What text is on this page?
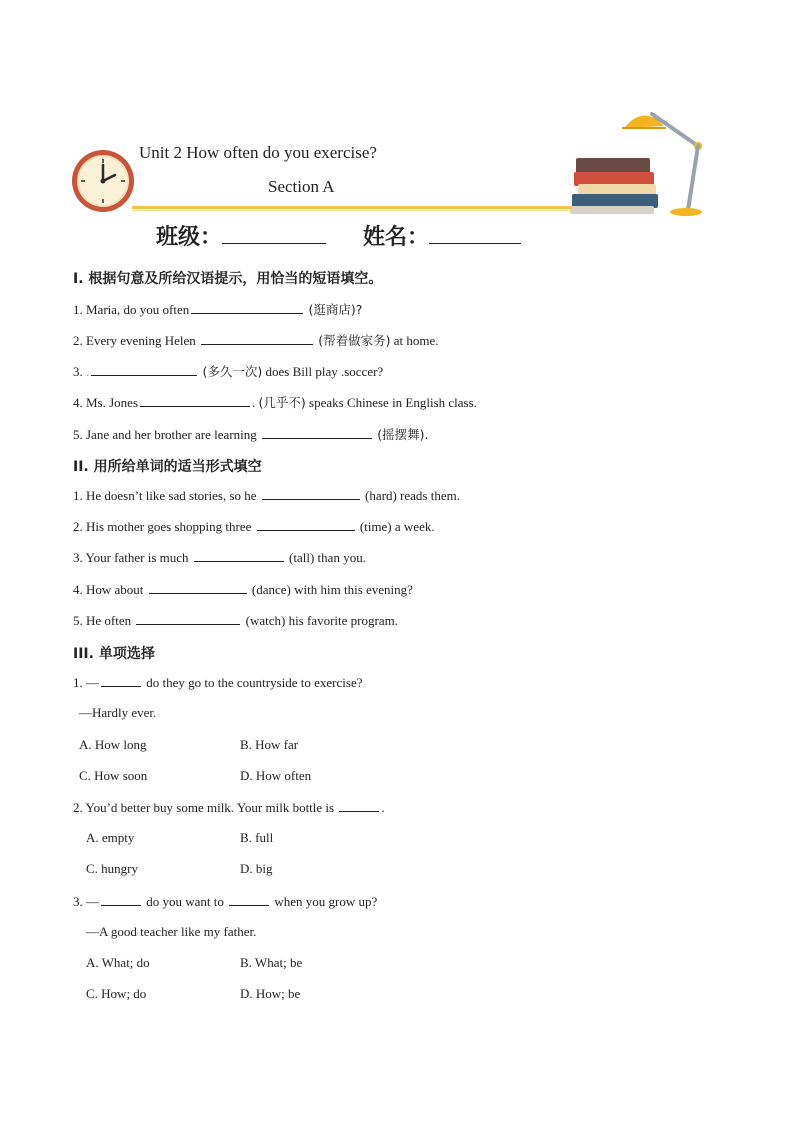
Unit 2 How often do you exercise?
Section A
班级：	姓名：
I. 根据句意及所给汉语提示，用恰当的短语填空。
1. Maria, do you often	(逛商店)?
2. Every evening Helen	(帮着做家务) at home.
3. .	(多久一次) does Bill play .soccer?
4. Ms. Jones	. (几乎不) speaks Chinese in English class.
5. Jane and her brother are learning	(摇摆舞).
II. 用所给单词的适当形式填空
1. He doesn’t like sad stories, so he	(hard) reads them.
2. His mother goes shopping three	(time) a week.
3. Your father is much	(tall) than you.
4. How about	(dance) with him this evening?
5. He often	(watch) his favorite program.
III. 单项选择
1. —	do they go to the countryside to exercise?
—Hardly ever.
A. How long	B. How far
C. How soon	D. How often
2. You’d better buy some milk. Your milk bottle is	.
A. empty	B. full
C. hungry	D. big
3. —	do you want to	when you grow up?
—A good teacher like my father.
A. What; do	B. What; be
C. How; do	D. How; be
